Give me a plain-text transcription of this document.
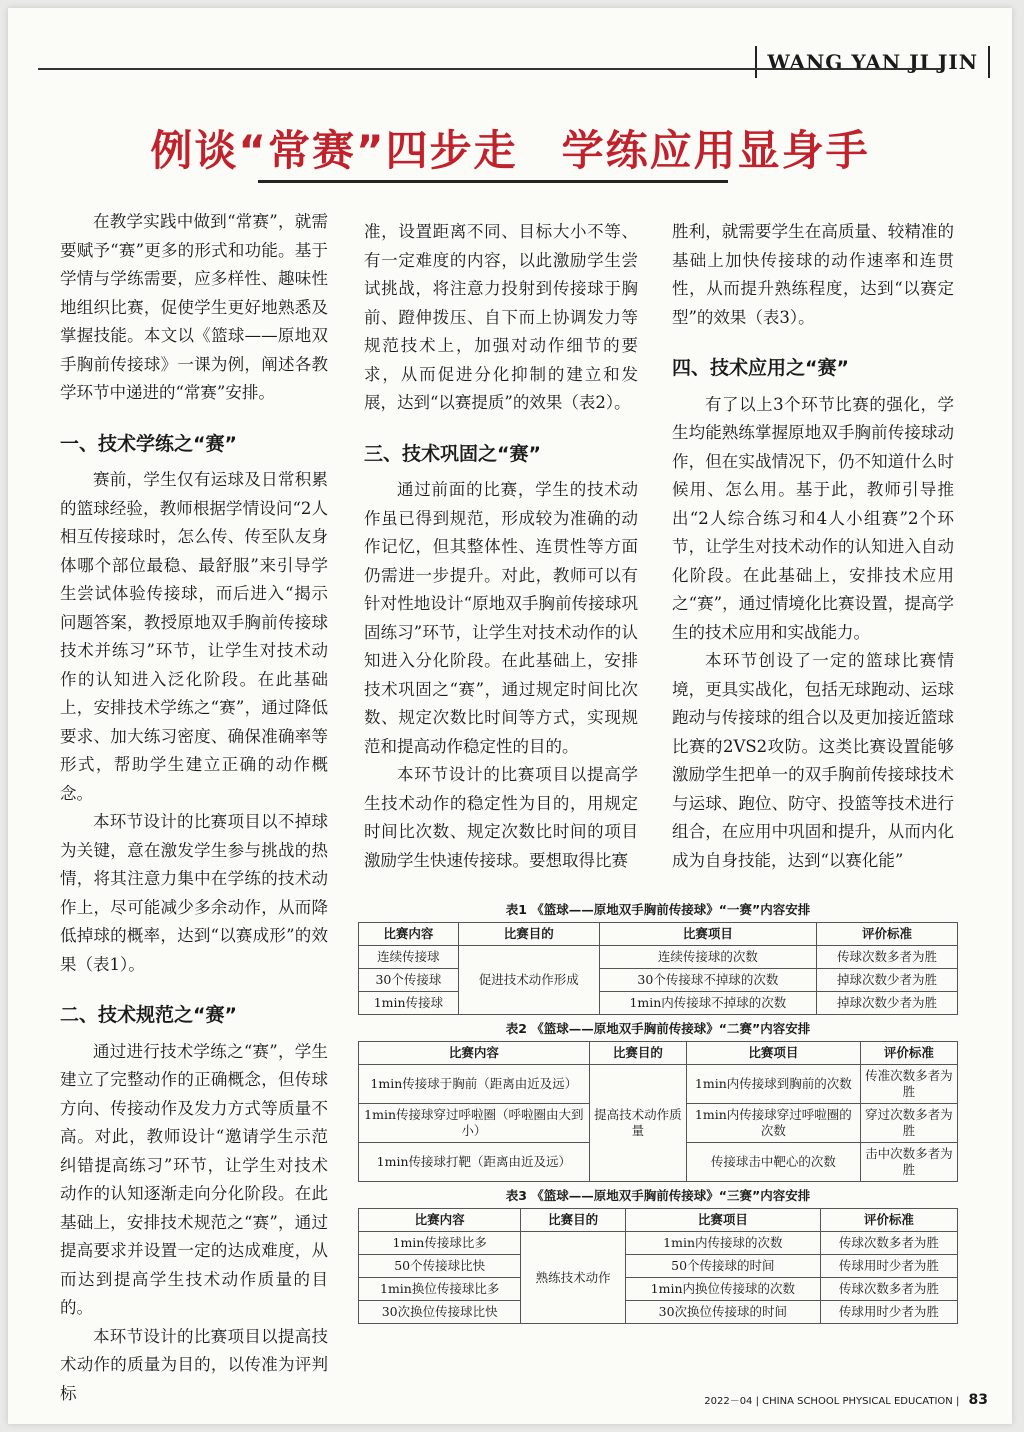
WANG YAN JI JIN
例谈“常赛”四步走　学练应用显身手

在教学实践中做到“常赛”，就需要赋予“赛”更多的形式和功能。基于学情与学练需要，应多样性、趣味性地组织比赛，促使学生更好地熟悉及掌握技能。本文以《篮球——原地双手胸前传接球》一课为例，阐述各教学环节中递进的“常赛”安排。

一、技术学练之“赛”

赛前，学生仅有运球及日常积累的篮球经验，教师根据学情设问“2人相互传接球时，怎么传、传至队友身体哪个部位最稳、最舒服”来引导学生尝试体验传接球，而后进入“揭示问题答案，教授原地双手胸前传接球技术并练习”环节，让学生对技术动作的认知进入泛化阶段。在此基础上，安排技术学练之“赛”，通过降低要求、加大练习密度、确保准确率等形式，帮助学生建立正确的动作概念。

本环节设计的比赛项目以不掉球为关键，意在激发学生参与挑战的热情，将其注意力集中在学练的技术动作上，尽可能减少多余动作，从而降低掉球的概率，达到“以赛成形”的效果（表1）。

二、技术规范之“赛”

通过进行技术学练之“赛”，学生建立了完整动作的正确概念，但传球方向、传接动作及发力方式等质量不高。对此，教师设计“邀请学生示范纠错提高练习”环节，让学生对技术动作的认知逐渐走向分化阶段。在此基础上，安排技术规范之“赛”，通过提高要求并设置一定的达成难度，从而达到提高学生技术动作质量的目的。

本环节设计的比赛项目以提高技术动作的质量为目的，以传准为评判标

准，设置距离不同、目标大小不等、有一定难度的内容，以此激励学生尝试挑战，将注意力投射到传接球于胸前、蹬伸拨压、自下而上协调发力等规范技术上，加强对动作细节的要求，从而促进分化抑制的建立和发展，达到“以赛提质”的效果（表2）。

三、技术巩固之“赛”

通过前面的比赛，学生的技术动作虽已得到规范，形成较为准确的动作记忆，但其整体性、连贯性等方面仍需进一步提升。对此，教师可以有针对性地设计“原地双手胸前传接球巩固练习”环节，让学生对技术动作的认知进入分化阶段。在此基础上，安排技术巩固之“赛”，通过规定时间比次数、规定次数比时间等方式，实现规范和提高动作稳定性的目的。

本环节设计的比赛项目以提高学生技术动作的稳定性为目的，用规定时间比次数、规定次数比时间的项目激励学生快速传接球。要想取得比赛

胜利，就需要学生在高质量、较精准的基础上加快传接球的动作速率和连贯性，从而提升熟练程度，达到“以赛定型”的效果（表3）。

四、技术应用之“赛”

有了以上3个环节比赛的强化，学生均能熟练掌握原地双手胸前传接球动作，但在实战情况下，仍不知道什么时候用、怎么用。基于此，教师引导推出“2人综合练习和4人小组赛”2个环节，让学生对技术动作的认知进入自动化阶段。在此基础上，安排技术应用之“赛”，通过情境化比赛设置，提高学生的技术应用和实战能力。

本环节创设了一定的篮球比赛情境，更具实战化，包括无球跑动、运球跑动与传接球的组合以及更加接近篮球比赛的2VS2攻防。这类比赛设置能够激励学生把单一的双手胸前传接球技术与运球、跑位、防守、投篮等技术进行组合，在应用中巩固和提升，从而内化成为自身技能，达到“以赛化能”

表1 《篮球——原地双手胸前传接球》“一赛”内容安排
比赛内容	比赛目的	比赛项目	评价标准
连续传接球	促进技术动作形成	连续传接球的次数	传球次数多者为胜
30个传接球		30个传接球不掉球的次数	掉球次数少者为胜
1min传接球		1min内传接球不掉球的次数	掉球次数少者为胜
表2 《篮球——原地双手胸前传接球》“二赛”内容安排
比赛内容	比赛目的	比赛项目	评价标准
1min传接球于胸前（距离由近及远）	提高技术动作质量	1min内传接球到胸前的次数	传准次数多者为胜
1min传接球穿过呼啦圈（呼啦圈由大到小）		1min内传接球穿过呼啦圈的次数	穿过次数多者为胜
1min传接球打靶（距离由近及远）		传接球击中靶心的次数	击中次数多者为胜
表3 《篮球——原地双手胸前传接球》“三赛”内容安排
比赛内容	比赛目的	比赛项目	评价标准
1min传接球比多	熟练技术动作	1min内传接球的次数	传球次数多者为胜
50个传接球比快		50个传接球的时间	传球用时少者为胜
1min换位传接球比多		1min内换位传接球的次数	传球次数多者为胜
30次换位传接球比快		30次换位传接球的时间	传球用时少者为胜
2022－04 | CHINA SCHOOL PHYSICAL EDUCATION | 83
